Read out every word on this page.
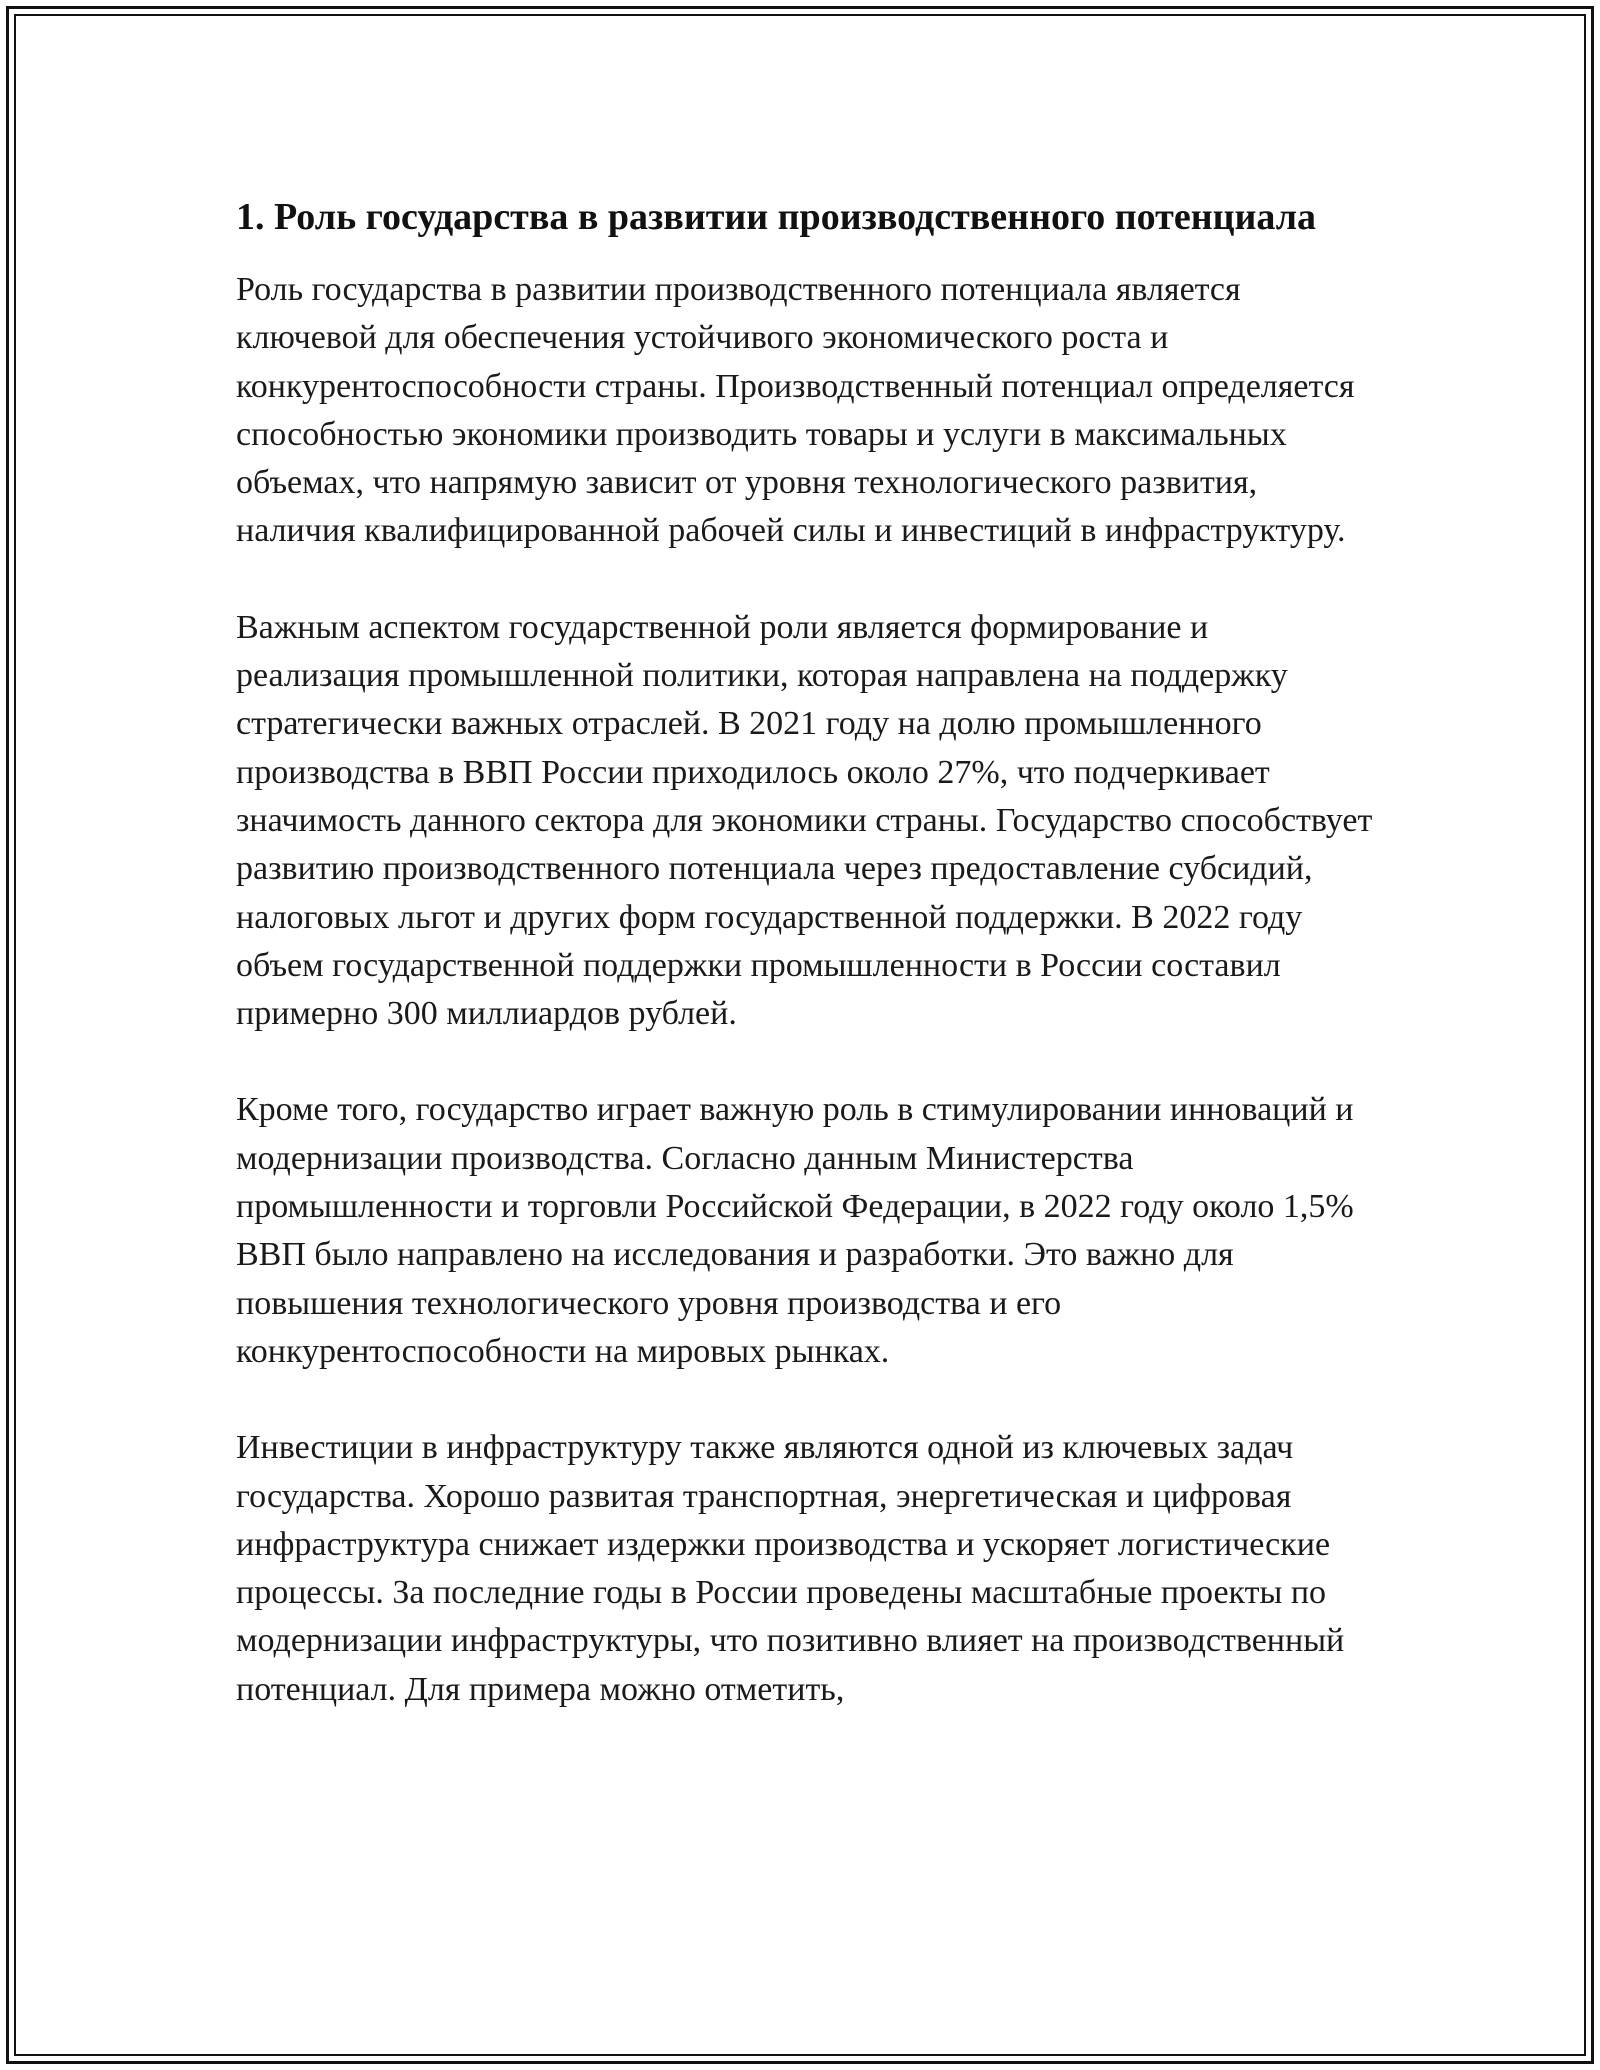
1. Роль государства в развитии производственного потенциала

Роль государства в развитии производственного потенциала является ключевой для обеспечения устойчивого экономического роста и конкурентоспособности страны. Производственный потенциал определяется способностью экономики производить товары и услуги в максимальных объемах, что напрямую зависит от уровня технологического развития, наличия квалифицированной рабочей силы и инвестиций в инфраструктуру.

Важным аспектом государственной роли является формирование и реализация промышленной политики, которая направлена на поддержку стратегически важных отраслей. В 2021 году на долю промышленного производства в ВВП России приходилось около 27%, что подчеркивает значимость данного сектора для экономики страны. Государство способствует развитию производственного потенциала через предоставление субсидий, налоговых льгот и других форм государственной поддержки. В 2022 году объем государственной поддержки промышленности в России составил примерно 300 миллиардов рублей.

Кроме того, государство играет важную роль в стимулировании инноваций и модернизации производства. Согласно данным Министерства промышленности и торговли Российской Федерации, в 2022 году около 1,5% ВВП было направлено на исследования и разработки. Это важно для повышения технологического уровня производства и его конкурентоспособности на мировых рынках.

Инвестиции в инфраструктуру также являются одной из ключевых задач государства. Хорошо развитая транспортная, энергетическая и цифровая инфраструктура снижает издержки производства и ускоряет логистические процессы. За последние годы в России проведены масштабные проекты по модернизации инфраструктуры, что позитивно влияет на производственный потенциал. Для примера можно отметить,
